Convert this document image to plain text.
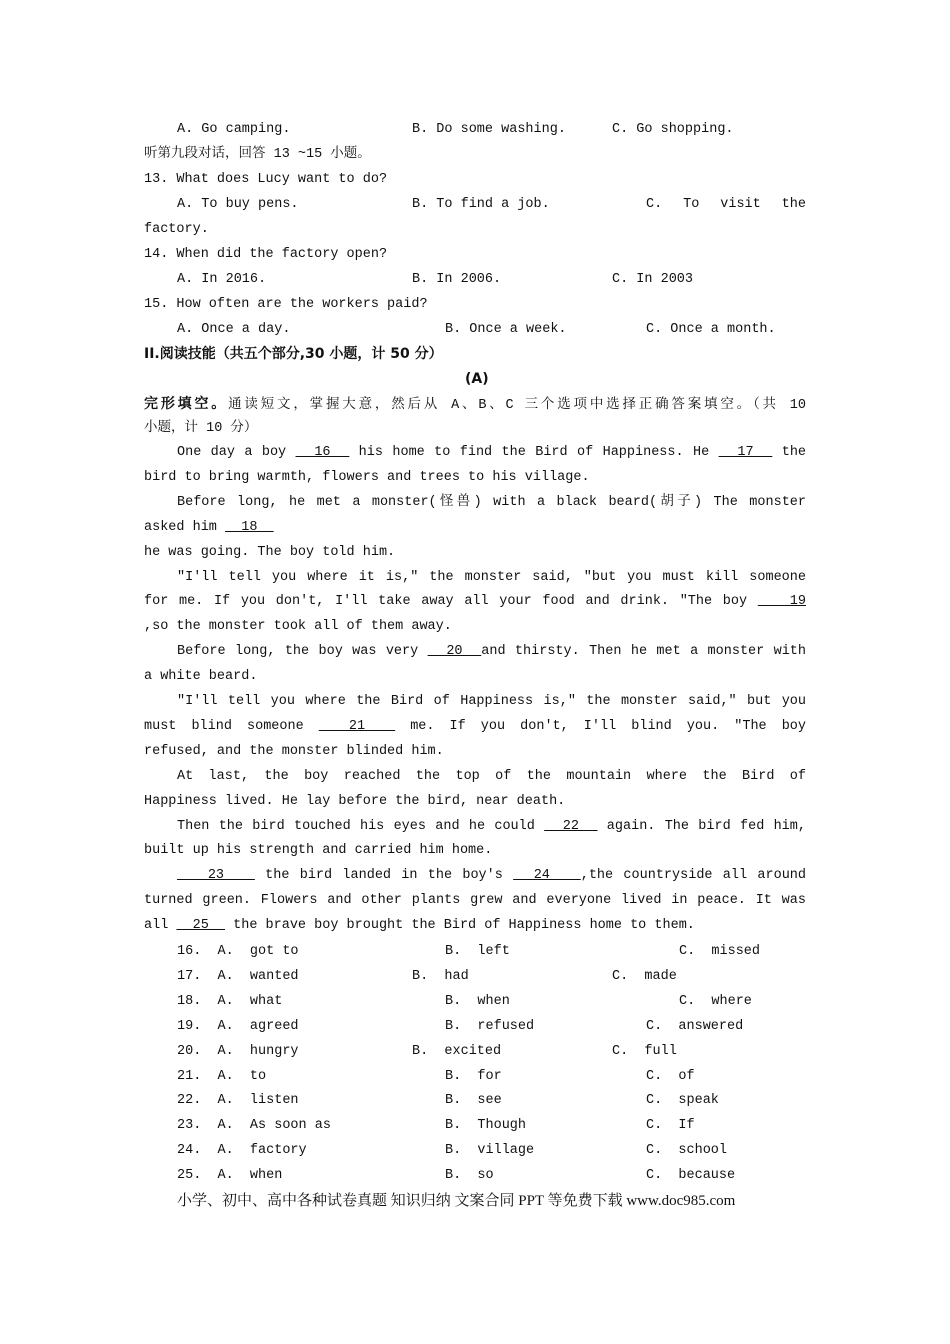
A. Go camping.	B. Do some washing.	C. Go shopping.
听第九段对话，回答 13 ~15 小题。
13. What does Lucy want to do?
A. To buy pens.	B. To find a job.	C. To visit the
factory.
14. When did the factory open?
A. In 2016.	B. In 2006.	C. In 2003
15. How often are the workers paid?
A. Once a day.	B. Once a week.	C. Once a month.
II.阅读技能（共五个部分,30 小题，计 50 分）
(A)
完形填空。通读短文，掌握大意，然后从 A、B、C 三个选项中选择正确答案填空。（共 10
小题，计 10 分）
One day a boy   16   his home to find the Bird of Happiness. He   17   the
bird to bring warmth, flowers and trees to his village.
Before long, he met a monster(怪兽) with a black beard(胡子) The monster
asked him   18
he was going. The boy told him.
"I'll tell you where it is," the monster said, "but you must kill someone
for me. If you don't, I'll take away all your food and drink. "The boy    19
,so the monster took all of them away.
Before long, the boy was very   20  and thirsty. Then he met a monster with
a white beard.
"I'll tell you where the Bird of Happiness is," the monster said," but you
must blind someone   21   me. If you don't, I'll blind you. "The boy
refused, and the monster blinded him.
At last, the boy reached the top of the mountain where the Bird of
Happiness lived. He lay before the bird, near death.
Then the bird touched his eyes and he could   22   again. The bird fed him,
built up his strength and carried him home.
23    the bird landed in the boy's   24   ,the countryside all around
turned green. Flowers and other plants grew and everyone lived in peace. It was
all   25   the brave boy brought the Bird of Happiness home to them.
16.  A.  got to	B.  left	C.  missed
17.  A.  wanted	B.  had	C.  made
18.  A.  what	B.  when	C.  where
19.  A.  agreed	B.  refused	C.  answered
20.  A.  hungry	B.  excited	C.  full
21.  A.  to	B.  for	C.  of
22.  A.  listen	B.  see	C.  speak
23.  A.  As soon as	B.  Though	C.  If
24.  A.  factory	B.  village	C.  school
25.  A.  when	B.  so	C.  because
小学、初中、高中各种试卷真题 知识归纳 文案合同 PPT 等免费下载 www.doc985.com
